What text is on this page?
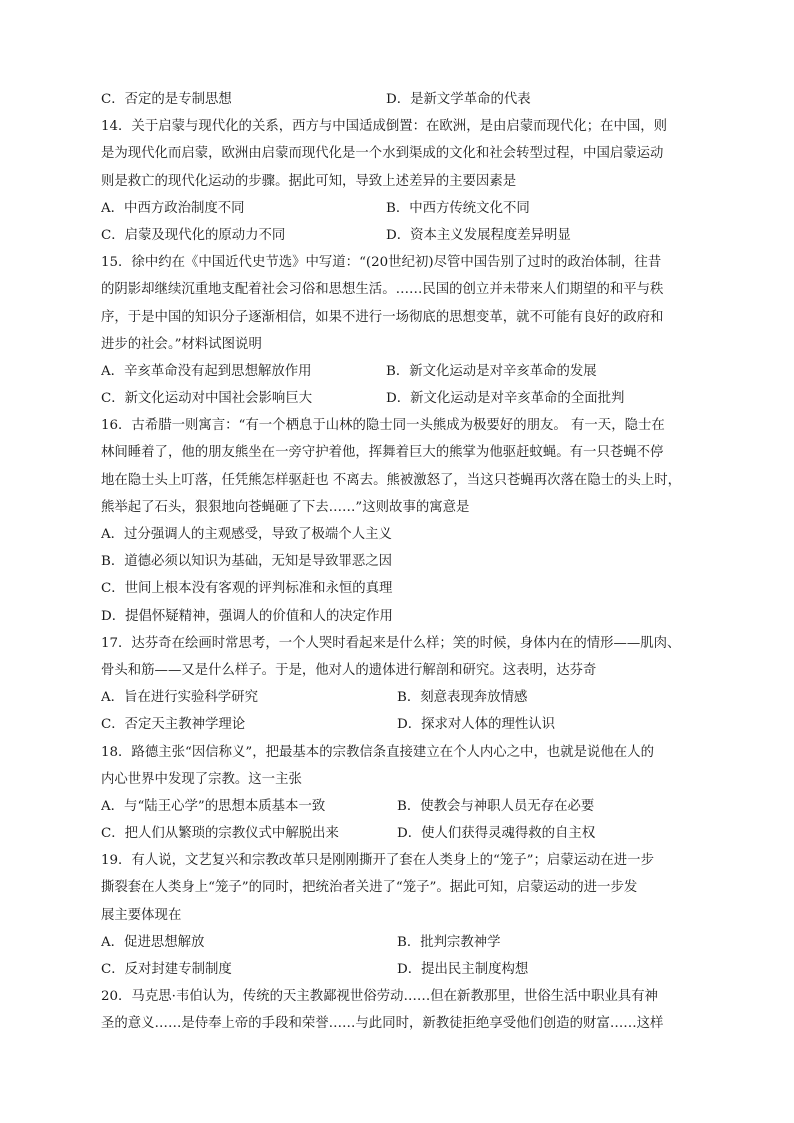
C．否定的是专制思想	D．是新文学革命的代表
14．关于启蒙与现代化的关系，西方与中国适成倒置：在欧洲，是由启蒙而现代化；在中国，则
是为现代化而启蒙，欧洲由启蒙而现代化是一个水到渠成的文化和社会转型过程，中国启蒙运动
则是救亡的现代化运动的步骤。据此可知，导致上述差异的主要因素是
A．中西方政治制度不同	B．中西方传统文化不同
C．启蒙及现代化的原动力不同	D．资本主义发展程度差异明显
15．徐中约在《中国近代史节选》中写道：“(20世纪初)尽管中国告别了过时的政治体制，往昔
的阴影却继续沉重地支配着社会习俗和思想生活。……民国的创立并未带来人们期望的和平与秩
序，于是中国的知识分子逐渐相信，如果不进行一场彻底的思想变革，就不可能有良好的政府和
进步的社会。”材料试图说明
A．辛亥革命没有起到思想解放作用	B．新文化运动是对辛亥革命的发展
C．新文化运动对中国社会影响巨大	D．新文化运动是对辛亥革命的全面批判
16．古希腊一则寓言：“有一个栖息于山林的隐士同一头熊成为极要好的朋友。 有一天，隐士在
林间睡着了，他的朋友熊坐在一旁守护着他，挥舞着巨大的熊掌为他驱赶蚊蝇。有一只苍蝇不停
地在隐士头上叮落，任凭熊怎样驱赶也 不离去。熊被激怒了，当这只苍蝇再次落在隐士的头上时，
熊举起了石头，狠狠地向苍蝇砸了下去……”这则故事的寓意是
A．过分强调人的主观感受，导致了极端个人主义
B．道德必须以知识为基础，无知是导致罪恶之因
C．世间上根本没有客观的评判标准和永恒的真理
D．提倡怀疑精神，强调人的价值和人的决定作用
17．达芬奇在绘画时常思考，一个人哭时看起来是什么样；笑的时候，身体内在的情形——肌肉、
骨头和筋——又是什么样子。于是，他对人的遗体进行解剖和研究。这表明，达芬奇
A．旨在进行实验科学研究	B．刻意表现奔放情感
C．否定天主教神学理论	D．探求对人体的理性认识
18．路德主张“因信称义”，把最基本的宗教信条直接建立在个人内心之中，也就是说他在人的
内心世界中发现了宗教。这一主张
A．与“陆王心学”的思想本质基本一致	B．使教会与神职人员无存在必要
C．把人们从繁琐的宗教仪式中解脱出来	D．使人们获得灵魂得救的自主权
19．有人说，文艺复兴和宗教改革只是刚刚撕开了套在人类身上的“笼子”；启蒙运动在进一步
撕裂套在人类身上“笼子”的同时，把统治者关进了“笼子”。据此可知，启蒙运动的进一步发
展主要体现在
A．促进思想解放	B．批判宗教神学
C．反对封建专制制度	D．提出民主制度构想
20．马克思·韦伯认为，传统的天主教鄙视世俗劳动……但在新教那里，世俗生活中职业具有神
圣的意义……是侍奉上帝的手段和荣誉……与此同时，新教徒拒绝享受他们创造的财富……这样
